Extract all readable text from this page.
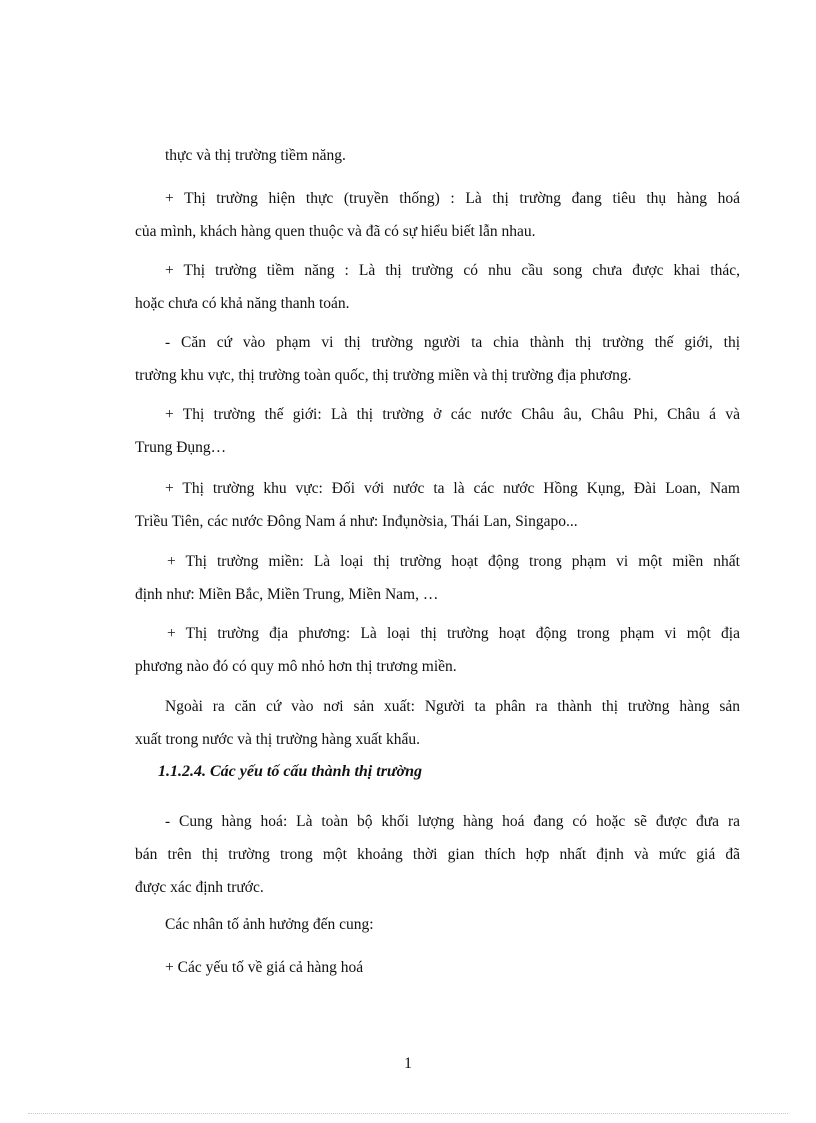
thực và thị trường tiềm năng.

+ Thị trường hiện thực (truyền thống) : Là thị trường đang tiêu thụ hàng hoá
của mình, khách hàng quen thuộc và đã có sự hiểu biết lẫn nhau.

+ Thị trường tiềm năng : Là thị trường có nhu cầu song chưa được khai thác,
hoặc chưa có khả năng thanh toán.

- Căn cứ vào phạm vi thị trường người ta chia thành thị trường thế giới, thị
trường khu vực, thị trường toàn quốc, thị trường miền và thị trường địa phương.

+ Thị trường thế giới: Là thị trường ở các nước Châu âu, Châu Phi, Châu á và
Trung Đụng…

+ Thị trường khu vực: Đối với nước ta là các nước Hồng Kụng, Đài Loan, Nam
Triều Tiên, các nước Đông Nam á như: Inđụnờsia, Thái Lan, Singapo...

+ Thị trường miền: Là loại thị trường hoạt động trong phạm vi một miền nhất
định như: Miền Bắc, Miền Trung, Miền Nam, …

+ Thị trường địa phương: Là loại thị trường hoạt động trong phạm vi một địa
phương nào đó có quy mô nhỏ hơn thị trương miền.

Ngoài ra căn cứ vào nơi sản xuất: Người ta phân ra thành thị trường hàng sản
xuất trong nước và thị trường hàng xuất khẩu.

1.1.2.4. Các yếu tố cấu thành thị trường

- Cung hàng hoá: Là toàn bộ khối lượng hàng hoá đang có hoặc sẽ được đưa ra
bán trên thị trường trong một khoảng thời gian thích hợp nhất định và mức giá đã
được xác định trước.

Các nhân tố ảnh hưởng đến cung:

+ Các yếu tố về giá cả hàng hoá

1
